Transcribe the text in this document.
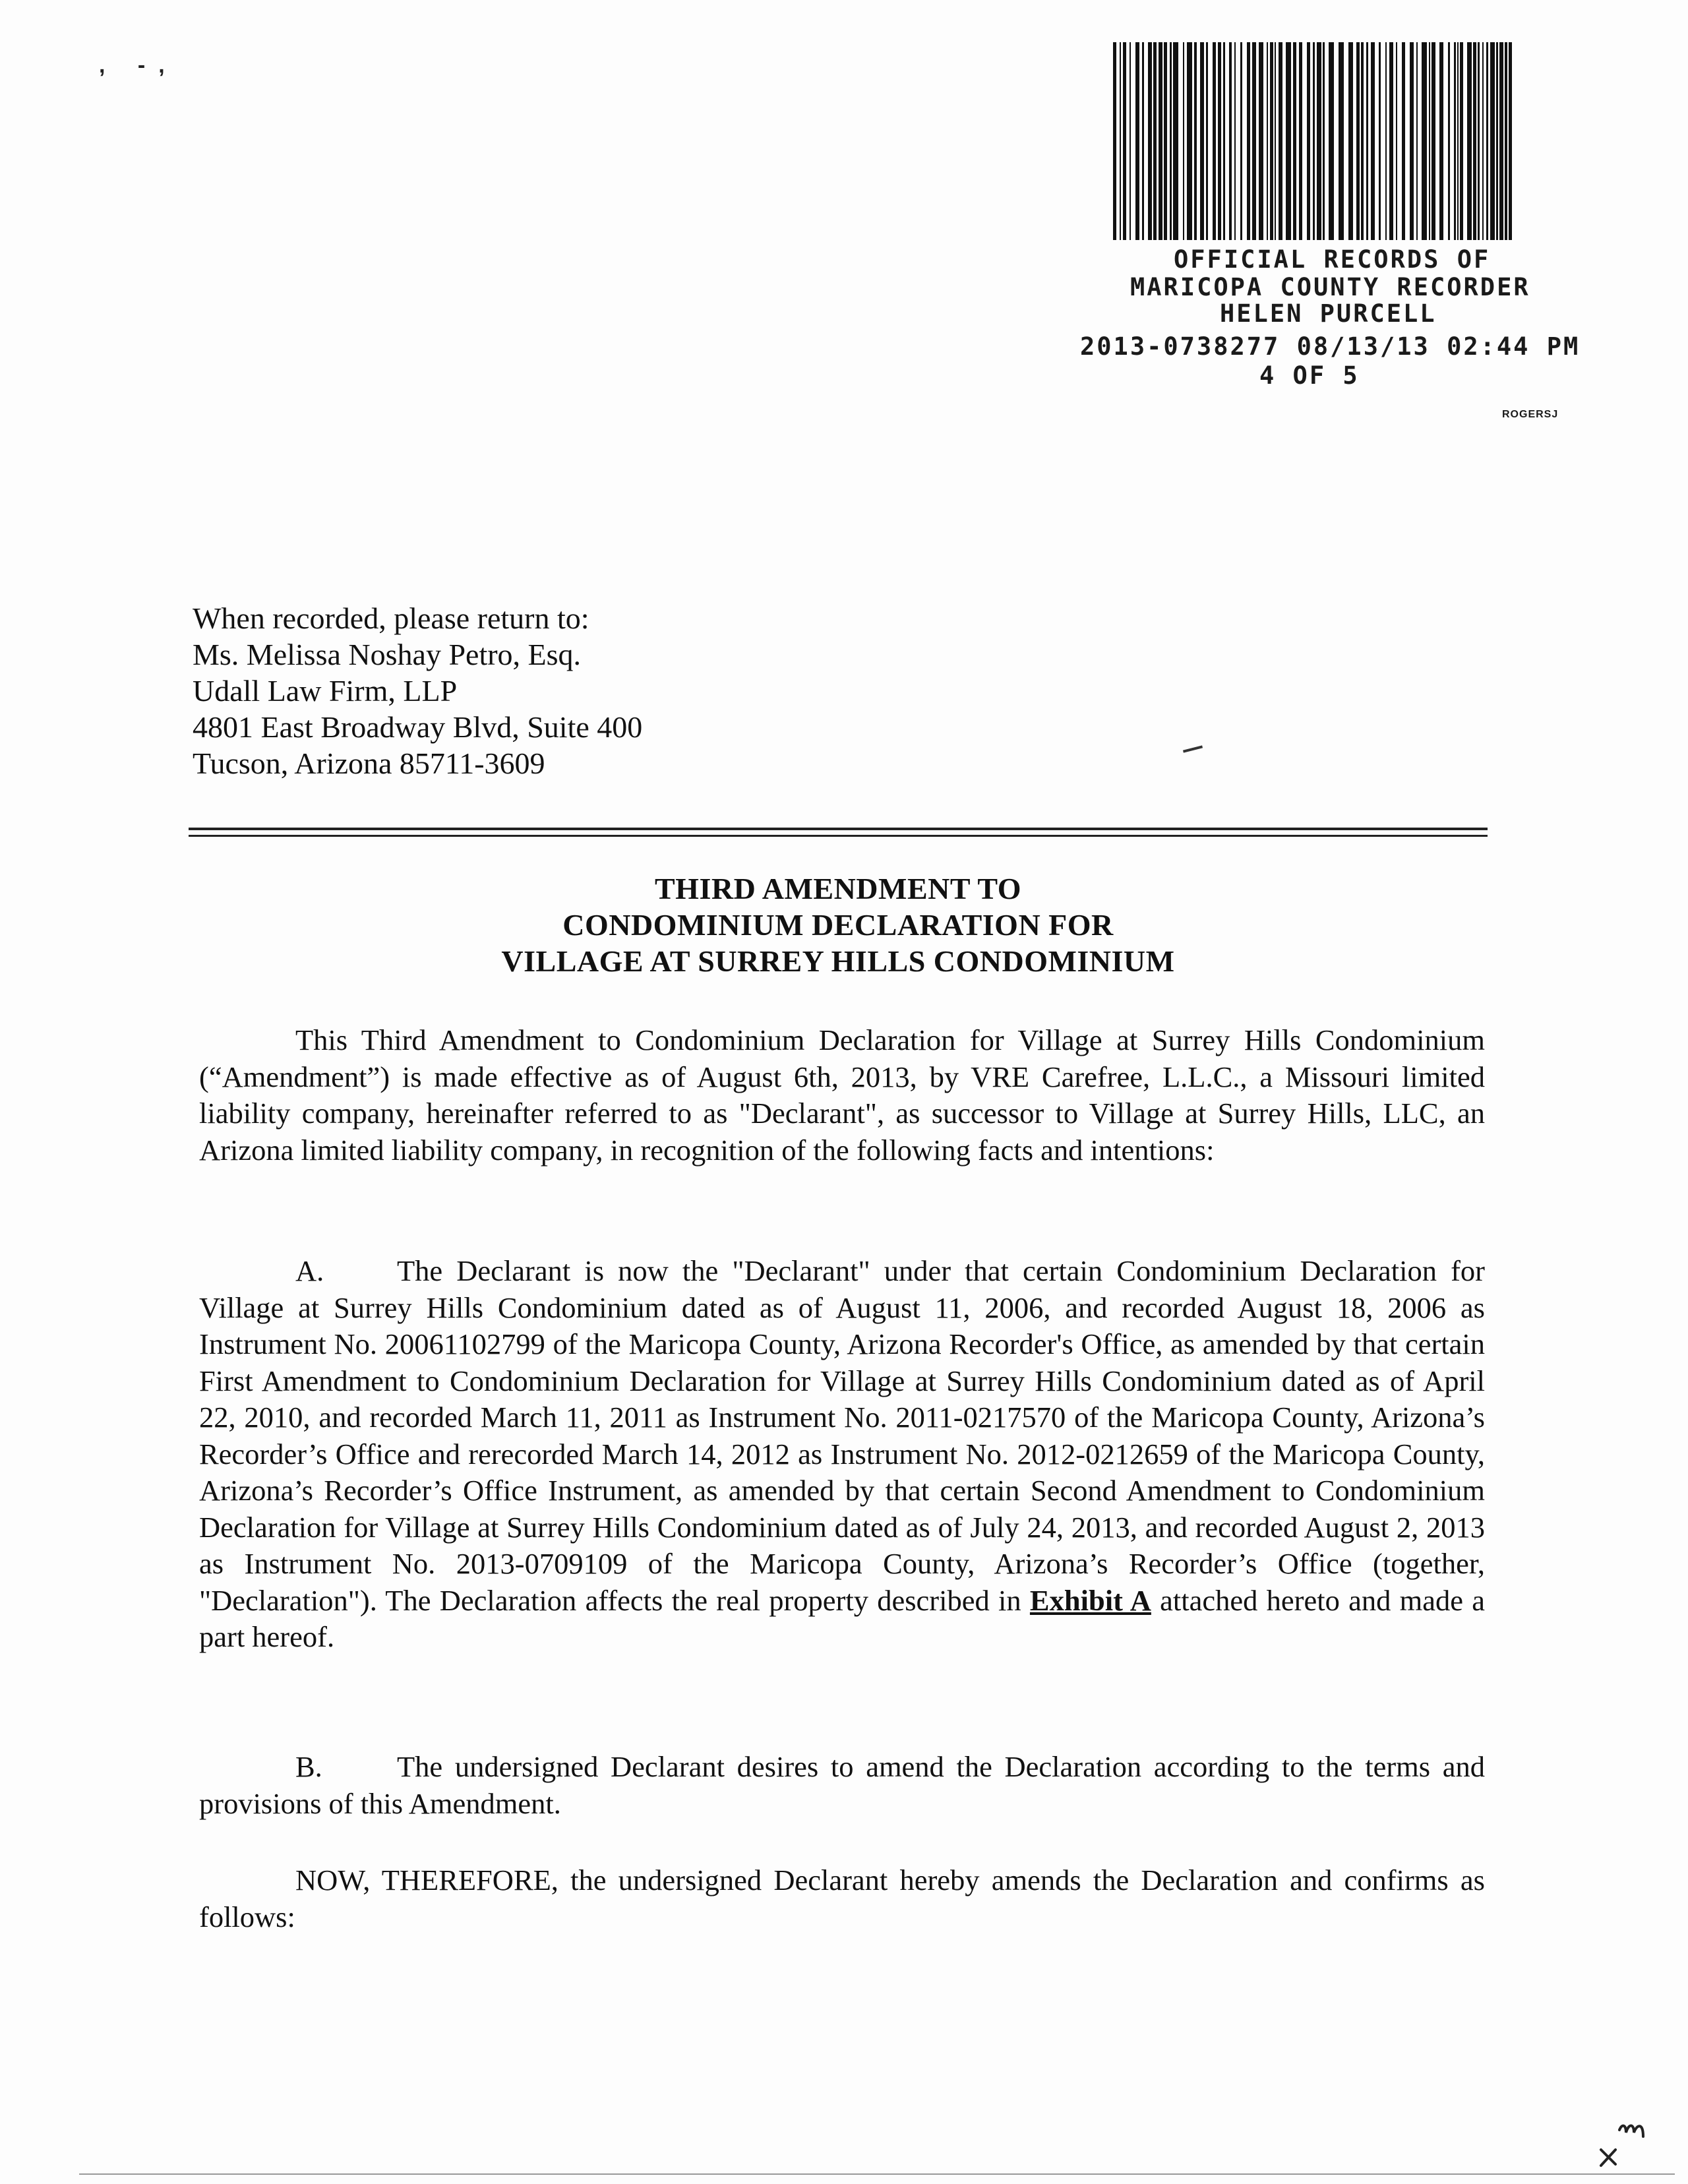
, -,
OFFICIAL RECORDS OF
MARICOPA COUNTY RECORDER
HELEN PURCELL
2013-0738277 08/13/13 02:44 PM
4 OF 5
ROGERSJ
When recorded, please return to:
Ms. Melissa Noshay Petro, Esq.
Udall Law Firm, LLP
4801 East Broadway Blvd, Suite 400
Tucson, Arizona 85711-3609
THIRD AMENDMENT TO
CONDOMINIUM DECLARATION FOR
VILLAGE AT SURREY HILLS CONDOMINIUM
This Third Amendment to Condominium Declaration for Village at Surrey Hills Condominium (“Amendment”) is made effective as of August 6th, 2013, by VRE Carefree, L.L.C., a Missouri limited liability company, hereinafter referred to as "Declarant", as successor to Village at Surrey Hills, LLC, an Arizona limited liability company, in recognition of the following facts and intentions:
A. The Declarant is now the "Declarant" under that certain Condominium Declaration for Village at Surrey Hills Condominium dated as of August 11, 2006, and recorded August 18, 2006 as Instrument No. 20061102799 of the Maricopa County, Arizona Recorder's Office, as amended by that certain First Amendment to Condominium Declaration for Village at Surrey Hills Condominium dated as of April 22, 2010, and recorded March 11, 2011 as Instrument No. 2011-0217570 of the Maricopa County, Arizona’s Recorder’s Office and rerecorded March 14, 2012 as Instrument No. 2012-0212659 of the Maricopa County, Arizona’s Recorder’s Office Instrument, as amended by that certain Second Amendment to Condominium Declaration for Village at Surrey Hills Condominium dated as of July 24, 2013, and recorded August 2, 2013 as Instrument No. 2013-0709109 of the Maricopa County, Arizona’s Recorder’s Office (together, "Declaration"). The Declaration affects the real property described in Exhibit A attached hereto and made a part hereof.
B.	The undersigned Declarant desires to amend the Declaration according to the terms and provisions of this Amendment.
NOW, THEREFORE, the undersigned Declarant hereby amends the Declaration and confirms as follows:
